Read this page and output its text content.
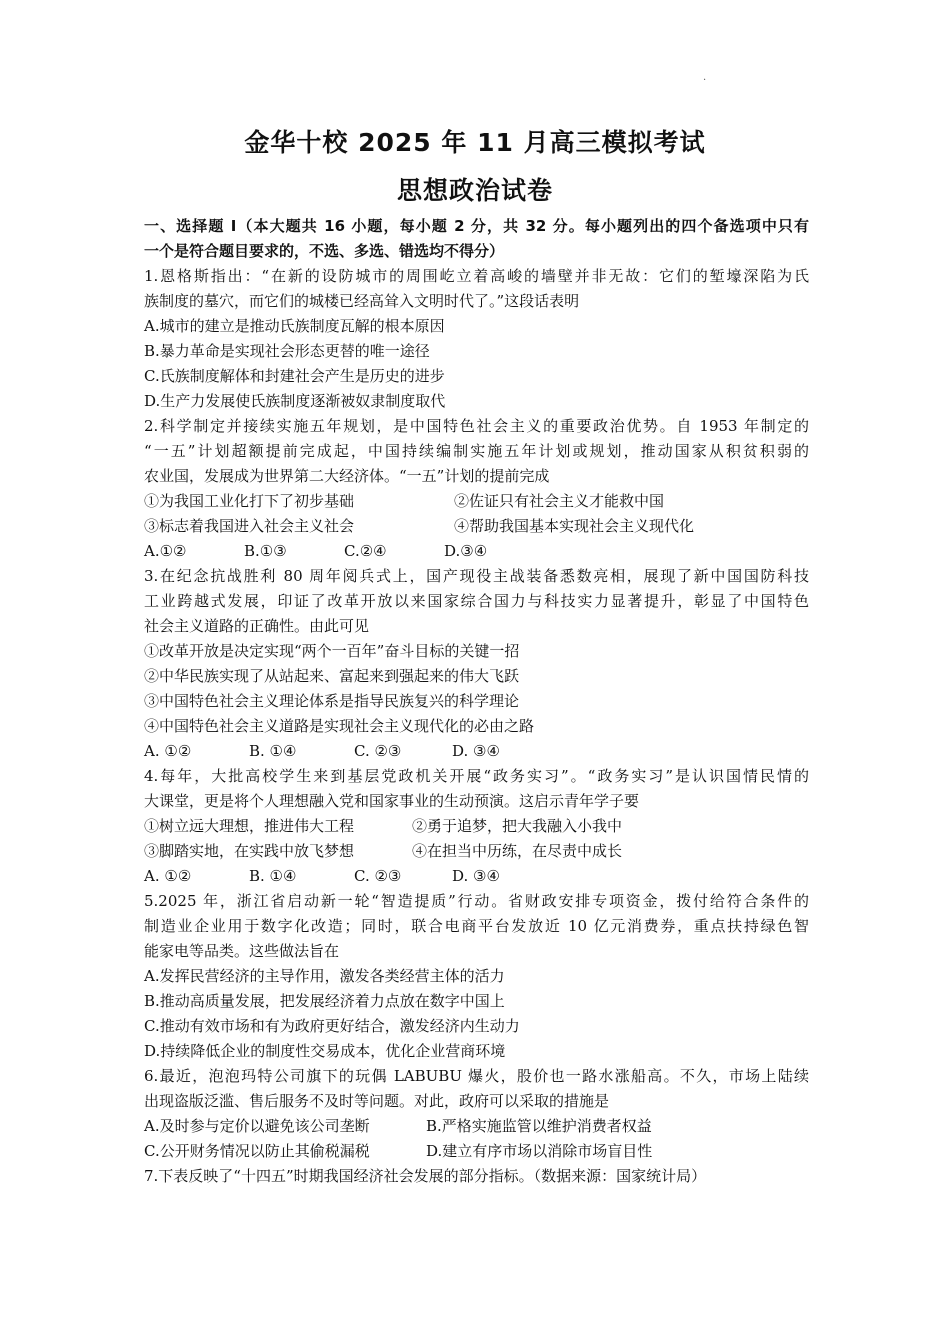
.
金华十校 2025 年 11 月高三模拟考试
思想政治试卷
一、选择题 I（本大题共 16 小题，每小题 2 分，共 32 分。每小题列出的四个备选项中只有
一个是符合题目要求的，不选、多选、错选均不得分）
1.恩格斯指出：“在新的设防城市的周围屹立着高峻的墙壁并非无故：它们的堑壕深陷为氏
族制度的墓穴，而它们的城楼已经高耸入文明时代了。”这段话表明
A.城市的建立是推动氏族制度瓦解的根本原因
B.暴力革命是实现社会形态更替的唯一途径
C.氏族制度解体和封建社会产生是历史的进步
D.生产力发展使氏族制度逐渐被奴隶制度取代
2.科学制定并接续实施五年规划，是中国特色社会主义的重要政治优势。自 1953 年制定的
“一五”计划超额提前完成起，中国持续编制实施五年计划或规划，推动国家从积贫积弱的
农业国，发展成为世界第二大经济体。“一五”计划的提前完成
①为我国工业化打下了初步基础	②佐证只有社会主义才能救中国
③标志着我国进入社会主义社会	④帮助我国基本实现社会主义现代化
A.①②	B.①③	C.②④	D.③④
3.在纪念抗战胜利 80 周年阅兵式上，国产现役主战装备悉数亮相，展现了新中国国防科技
工业跨越式发展，印证了改革开放以来国家综合国力与科技实力显著提升，彰显了中国特色
社会主义道路的正确性。由此可见
①改革开放是决定实现“两个一百年”奋斗目标的关键一招
②中华民族实现了从站起来、富起来到强起来的伟大飞跃
③中国特色社会主义理论体系是指导民族复兴的科学理论
④中国特色社会主义道路是实现社会主义现代化的必由之路
A. ①②	B. ①④	C. ②③	D. ③④
4.每年，大批高校学生来到基层党政机关开展“政务实习”。“政务实习”是认识国情民情的
大课堂，更是将个人理想融入党和国家事业的生动预演。这启示青年学子要
①树立远大理想，推进伟大工程	②勇于追梦，把大我融入小我中
③脚踏实地，在实践中放飞梦想	④在担当中历练，在尽责中成长
A. ①②	B. ①④	C. ②③	D. ③④
5.2025 年，浙江省启动新一轮“智造提质”行动。省财政安排专项资金，拨付给符合条件的
制造业企业用于数字化改造；同时，联合电商平台发放近 10 亿元消费券，重点扶持绿色智
能家电等品类。这些做法旨在
A.发挥民营经济的主导作用，激发各类经营主体的活力
B.推动高质量发展，把发展经济着力点放在数字中国上
C.推动有效市场和有为政府更好结合，激发经济内生动力
D.持续降低企业的制度性交易成本，优化企业营商环境
6.最近，泡泡玛特公司旗下的玩偶 LABUBU 爆火，股价也一路水涨船高。不久，市场上陆续
出现盗版泛滥、售后服务不及时等问题。对此，政府可以采取的措施是
A.及时参与定价以避免该公司垄断	B.严格实施监管以维护消费者权益
C.公开财务情况以防止其偷税漏税	D.建立有序市场以消除市场盲目性
7.下表反映了“十四五”时期我国经济社会发展的部分指标。（数据来源：国家统计局）
